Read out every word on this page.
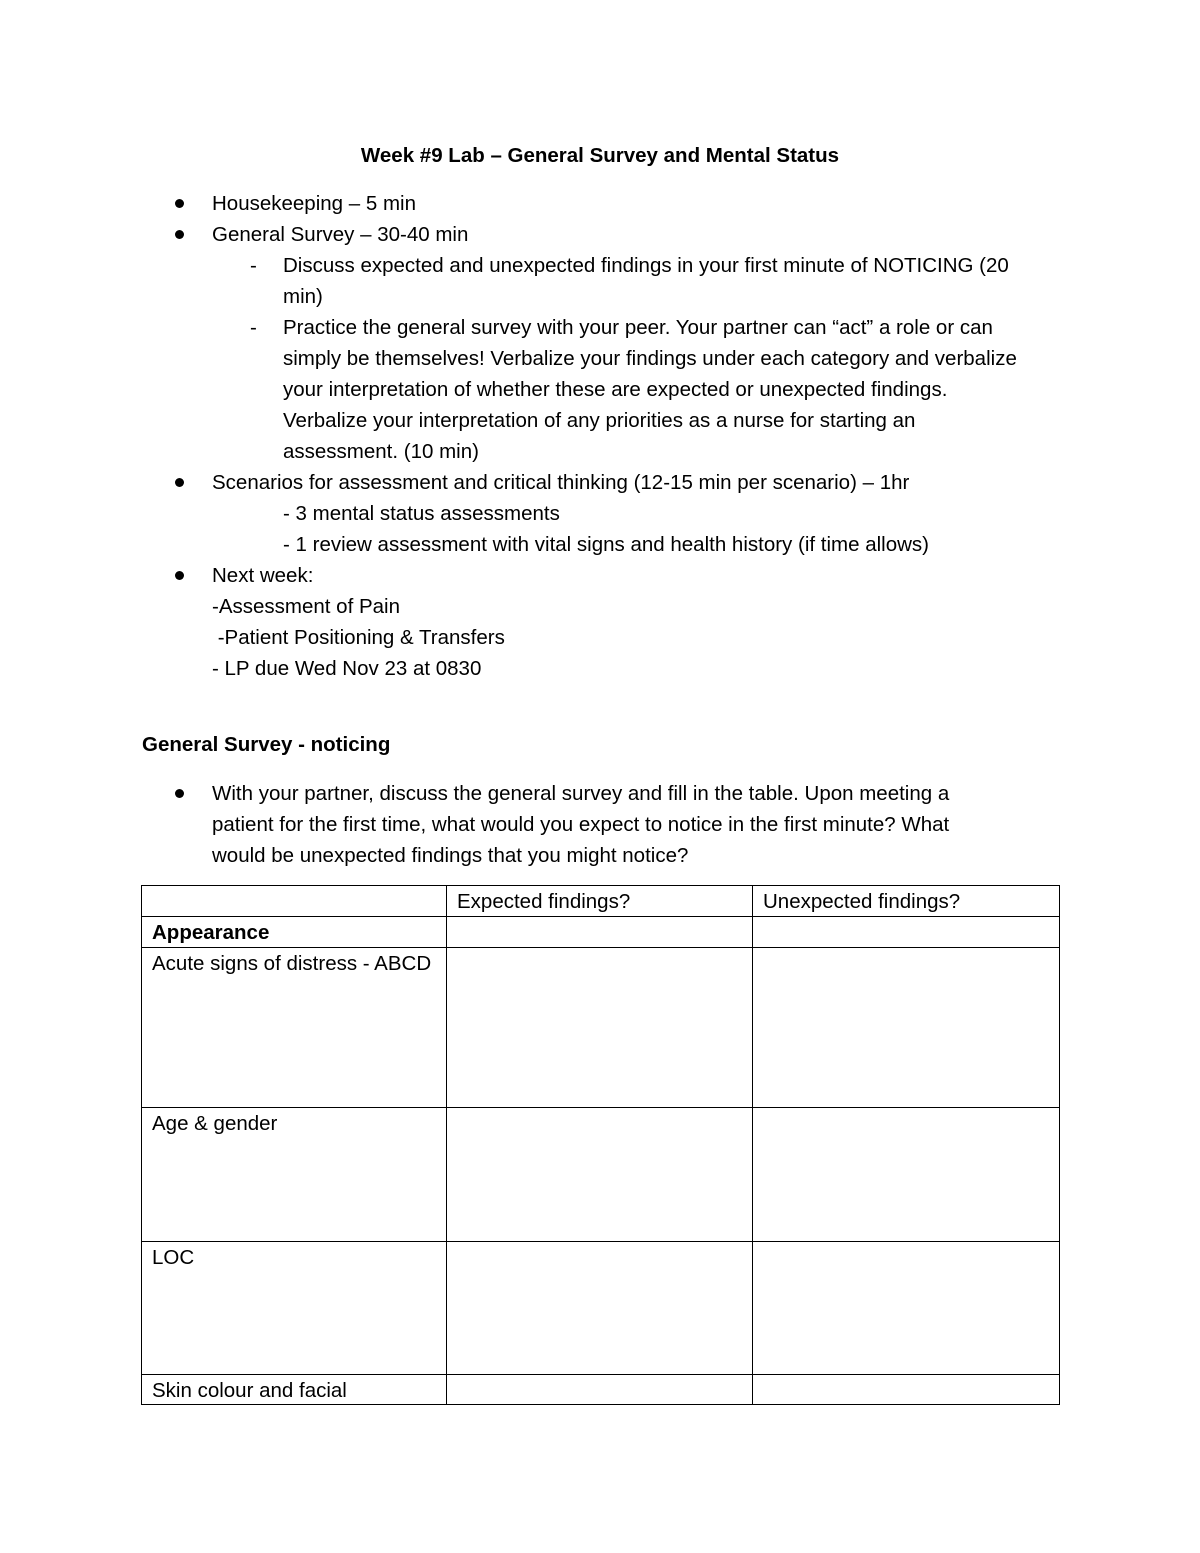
Week #9 Lab – General Survey and Mental Status
Housekeeping – 5 min
General Survey – 30-40 min
- Discuss expected and unexpected findings in your first minute of NOTICING (20
min)
- Practice the general survey with your peer. Your partner can “act” a role or can
simply be themselves! Verbalize your findings under each category and verbalize
your interpretation of whether these are expected or unexpected findings.
Verbalize your interpretation of any priorities as a nurse for starting an
assessment. (10 min)
Scenarios for assessment and critical thinking (12-15 min per scenario) – 1hr
- 3 mental status assessments
- 1 review assessment with vital signs and health history (if time allows)
Next week:
-Assessment of Pain
-Patient Positioning & Transfers
- LP due Wed Nov 23 at 0830
General Survey - noticing
With your partner, discuss the general survey and fill in the table. Upon meeting a
patient for the first time, what would you expect to notice in the first minute? What
would be unexpected findings that you might notice?
	Expected findings?	Unexpected findings?
Appearance		
Acute signs of distress - ABCD		
Age & gender		
LOC		
Skin colour and facial		
